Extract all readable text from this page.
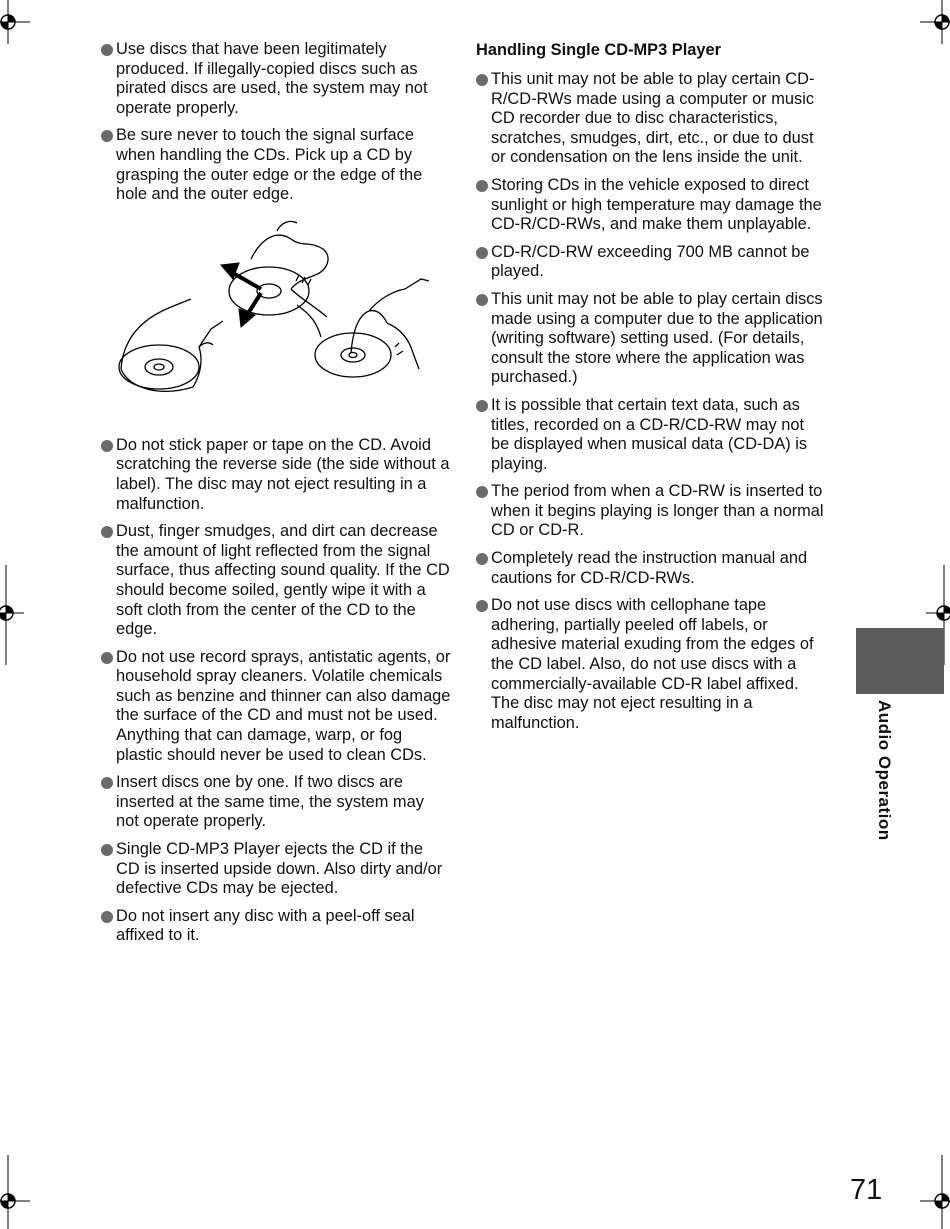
Use discs that have been legitimately produced. If illegally-copied discs such as pirated discs are used, the system may not operate properly.
Be sure never to touch the signal surface when handling the CDs. Pick up a CD by grasping the outer edge or the edge of the hole and the outer edge.
Do not stick paper or tape on the CD. Avoid scratching the reverse side (the side without a label). The disc may not eject resulting in a malfunction.
Dust, finger smudges, and dirt can decrease the amount of light reflected from the signal surface, thus affecting sound quality. If the CD should become soiled, gently wipe it with a soft cloth from the center of the CD to the edge.
Do not use record sprays, antistatic agents, or household spray cleaners. Volatile chemicals such as benzine and thinner can also damage the surface of the CD and must not be used. Anything that can damage, warp, or fog plastic should never be used to clean CDs.
Insert discs one by one. If two discs are inserted at the same time, the system may not operate properly.
Single CD-MP3 Player ejects the CD if the CD is inserted upside down. Also dirty and/or defective CDs may be ejected.
Do not insert any disc with a peel-off seal affixed to it.
Handling Single CD-MP3 Player
This unit may not be able to play certain CD-R/CD-RWs made using a computer or music CD recorder due to disc characteristics, scratches, smudges, dirt, etc., or due to dust or condensation on the lens inside the unit.
Storing CDs in the vehicle exposed to direct sunlight or high temperature may damage the CD-R/CD-RWs, and make them unplayable.
CD-R/CD-RW exceeding 700 MB cannot be played.
This unit may not be able to play certain discs made using a computer due to the application (writing software) setting used. (For details, consult the store where the application was purchased.)
It is possible that certain text data, such as titles, recorded on a CD-R/CD-RW may not be displayed when musical data (CD-DA) is playing.
The period from when a CD-RW is inserted to when it begins playing is longer than a normal CD or CD-R.
Completely read the instruction manual and cautions for CD-R/CD-RWs.
Do not use discs with cellophane tape adhering, partially peeled off labels, or adhesive material exuding from the edges of the CD label. Also, do not use discs with a commercially-available CD-R label affixed. The disc may not eject resulting in a malfunction.	Audio Operation
71
